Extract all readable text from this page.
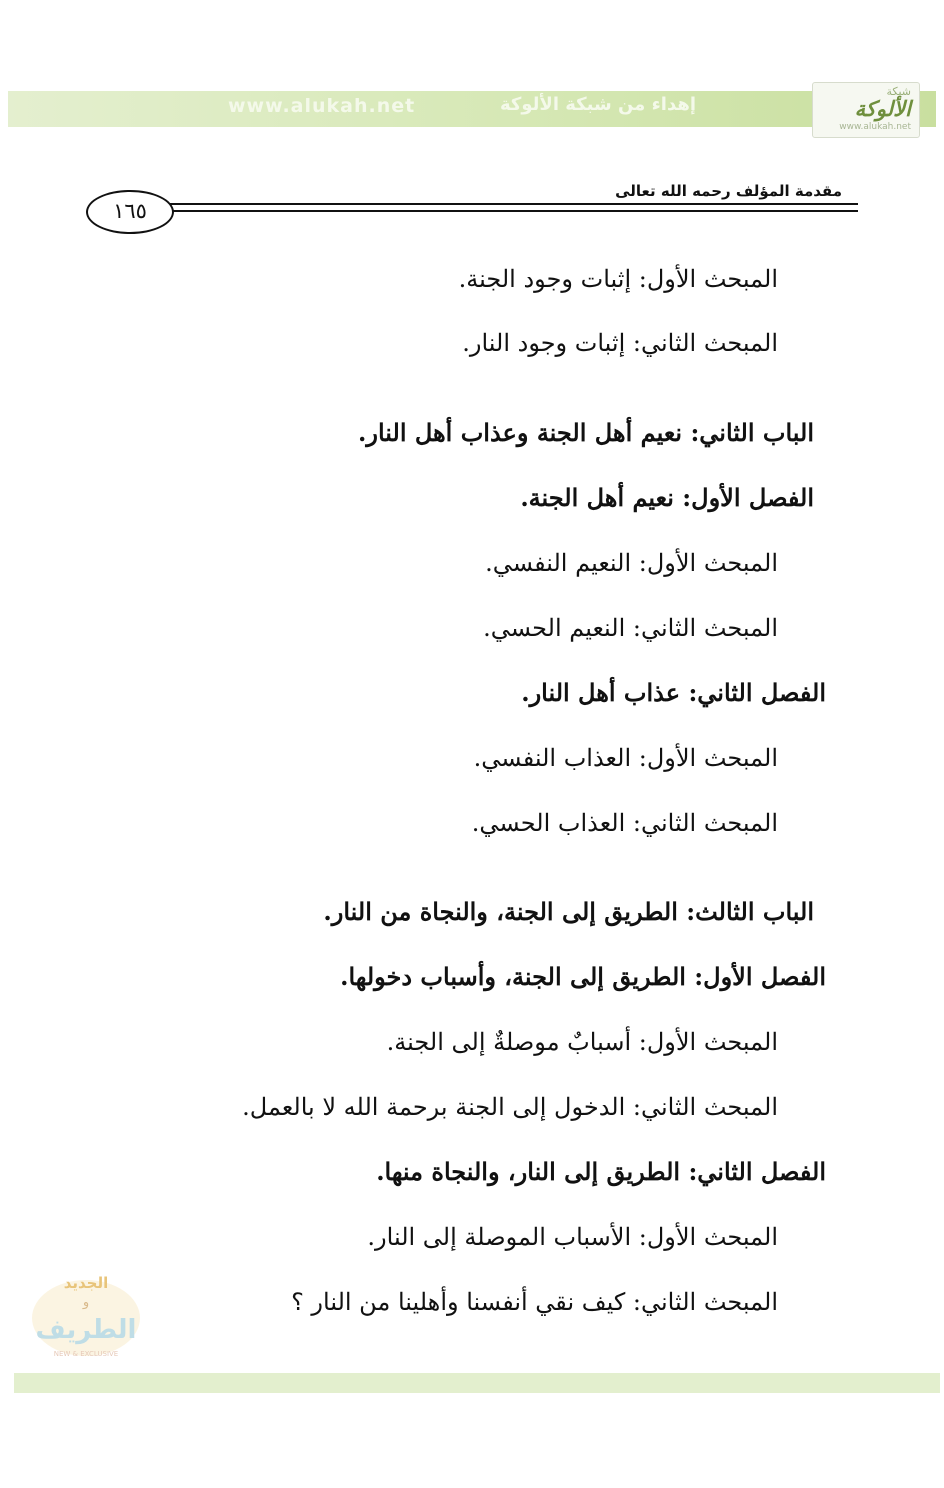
www.alukah.net	إهداء من شبكة الألوكة
شبكة
الألوكة
www.alukah.net
مقدمة المؤلف رحمه الله تعالى
١٦٥
المبحث الأول: إثبات وجود الجنة.
المبحث الثاني: إثبات وجود النار.
الباب الثاني: نعيم أهل الجنة وعذاب أهل النار.
الفصل الأول: نعيم أهل الجنة.
المبحث الأول: النعيم النفسي.
المبحث الثاني: النعيم الحسي.
الفصل الثاني: عذاب أهل النار.
المبحث الأول: العذاب النفسي.
المبحث الثاني: العذاب الحسي.
الباب الثالث: الطريق إلى الجنة، والنجاة من النار.
الفصل الأول: الطريق إلى الجنة، وأسباب دخولها.
المبحث الأول: أسبابٌ موصلةٌ إلى الجنة.
المبحث الثاني: الدخول إلى الجنة برحمة الله لا بالعمل.
الفصل الثاني: الطريق إلى النار، والنجاة منها.
المبحث الأول: الأسباب الموصلة إلى النار.
المبحث الثاني: كيف نقي أنفسنا وأهلينا من النار ؟
الجديد
و
الطريف
NEW & EXCLUSIVE
